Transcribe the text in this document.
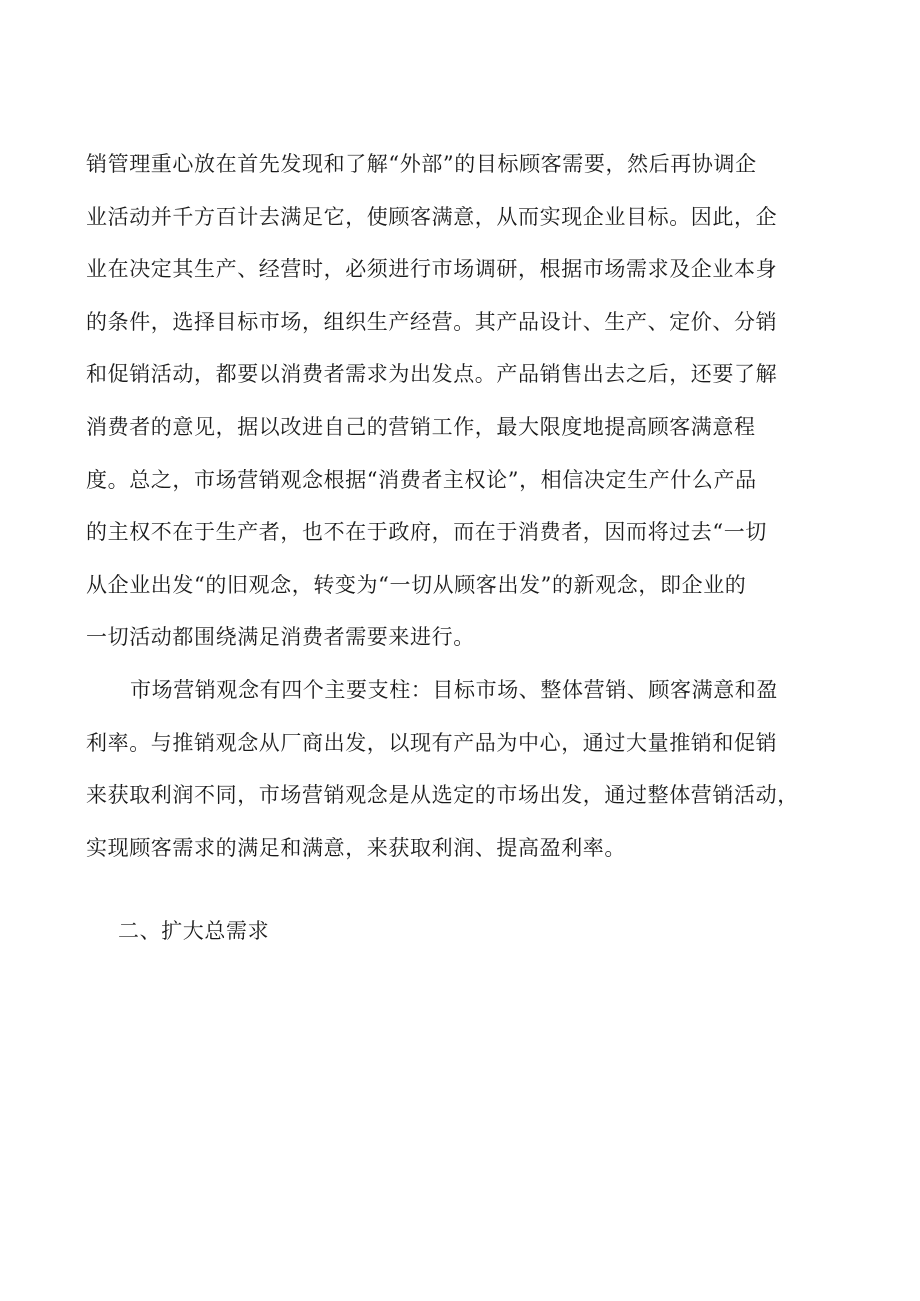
销管理重心放在首先发现和了解“外部”的目标顾客需要，然后再协调企
业活动并千方百计去满足它，使顾客满意，从而实现企业目标。因此，企
业在决定其生产、经营时，必须进行市场调研，根据市场需求及企业本身
的条件，选择目标市场，组织生产经营。其产品设计、生产、定价、分销
和促销活动，都要以消费者需求为出发点。产品销售出去之后，还要了解
消费者的意见，据以改进自己的营销工作，最大限度地提高顾客满意程
度。总之，市场营销观念根据“消费者主权论”，相信决定生产什么产品
的主权不在于生产者，也不在于政府，而在于消费者，因而将过去“一切
从企业出发“的旧观念，转变为“一切从顾客出发”的新观念，即企业的
一切活动都围绕满足消费者需要来进行。
市场营销观念有四个主要支柱：目标市场、整体营销、顾客满意和盈
利率。与推销观念从厂商出发，以现有产品为中心，通过大量推销和促销
来获取利润不同，市场营销观念是从选定的市场出发，通过整体营销活动，
实现顾客需求的满足和满意，来获取利润、提高盈利率。
二、扩大总需求
